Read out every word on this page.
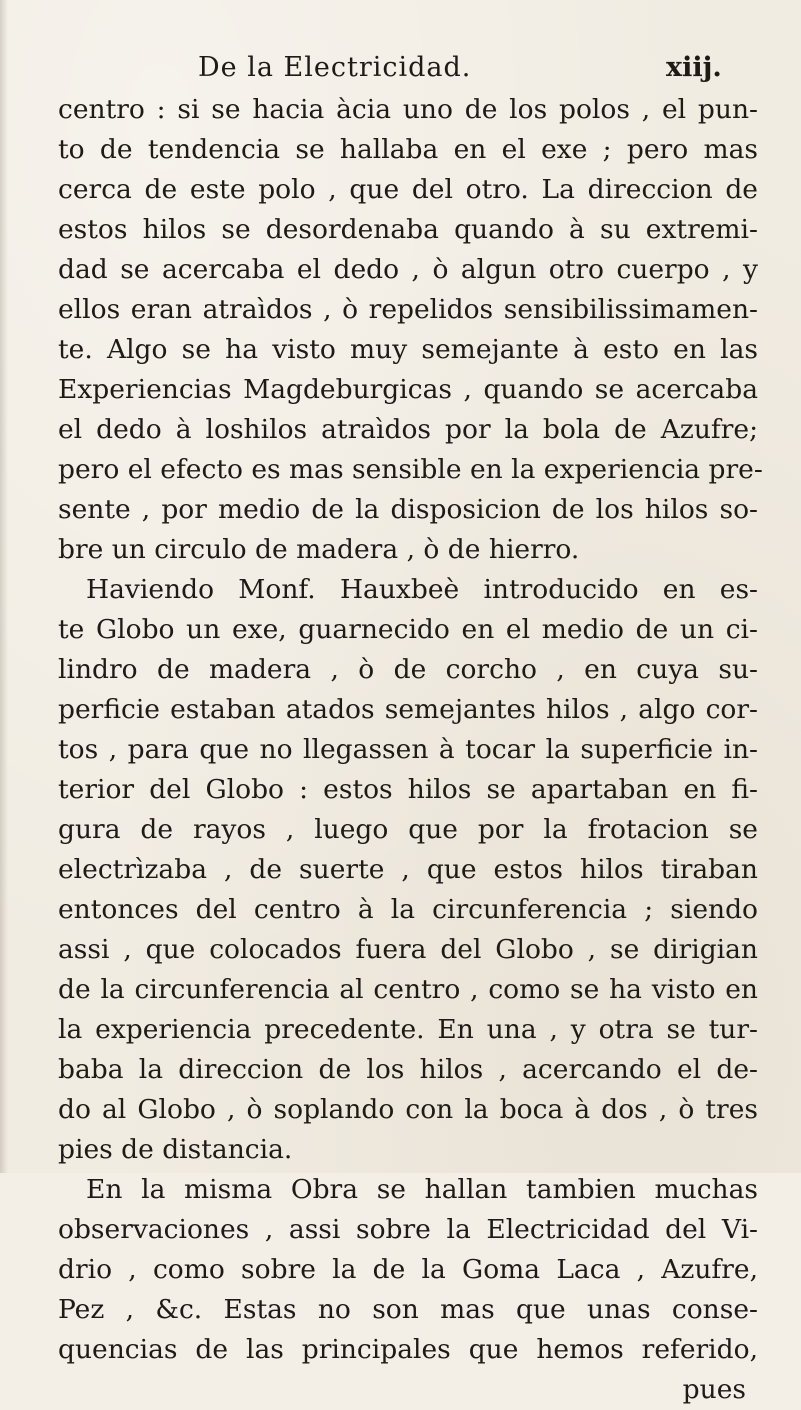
De la Electricidad.	xiij.
centro : si se hacia àcia uno de los polos , el pun-
to de tendencia se hallaba en el exe ; pero mas
cerca de este polo , que del otro. La direccion de
estos hilos se desordenaba quando à su extremi-
dad se acercaba el dedo , ò algun otro cuerpo , y
ellos eran atraìdos , ò repelidos sensibilissimamen-
te. Algo se ha visto muy semejante à esto en las
Experiencias Magdeburgicas , quando se acercaba
el dedo à loshilos atraìdos por la bola de Azufre;
pero el efecto es mas sensible en la experiencia pre-
sente , por medio de la disposicion de los hilos so-
bre un circulo de madera , ò de hierro.
Haviendo Monf. Hauxbeè introducido en es-
te Globo un exe, guarnecido en el medio de un ci-
lindro de madera , ò de corcho , en cuya su-
perficie estaban atados semejantes hilos , algo cor-
tos , para que no llegassen à tocar la superficie in-
terior del Globo : estos hilos se apartaban en fi-
gura de rayos , luego que por la frotacion se
electrìzaba , de suerte , que estos hilos tiraban
entonces del centro à la circunferencia ; siendo
assi , que colocados fuera del Globo , se dirigian
de la circunferencia al centro , como se ha visto en
la experiencia precedente. En una , y otra se tur-
baba la direccion de los hilos , acercando el de-
do al Globo , ò soplando con la boca à dos , ò tres
pies de distancia.
En la misma Obra se hallan tambien muchas
observaciones , assi sobre la Electricidad del Vi-
drio , como sobre la de la Goma Laca , Azufre,
Pez , &c. Estas no son mas que unas conse-
quencias de las principales que hemos referido,
pues
